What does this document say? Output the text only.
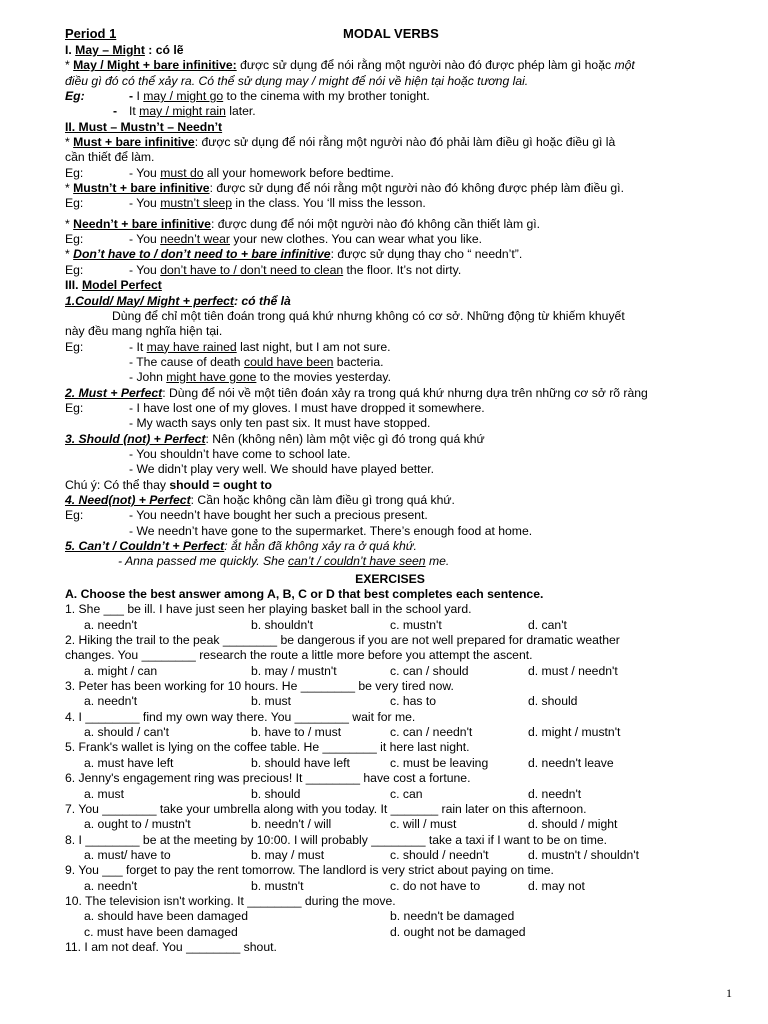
Period 1	MODAL VERBS
I. May – Might : có lẽ
* May / Might + bare infinitive: được sử dụng để nói rằng một người nào đó được phép làm gì hoặc một
điều gì đó có thể xảy ra. Có thể sử dụng may / might để nói về hiện tại hoặc tương lai.
Eg:	- I may / might go to the cinema with my brother tonight.
- It may / might rain later.
II. Must – Mustn’t – Needn’t
* Must + bare infinitive: được sử dụng để nói rằng một người nào đó phải làm điều gì hoặc điều gì là
cần thiết để làm.
Eg:	- You must do all your homework before bedtime.
* Mustn’t + bare infinitive: được sử dụng để nói rằng một người nào đó không được phép làm điều gì.
Eg:	- You mustn’t sleep in the class. You ‘ll miss the lesson.
* Needn’t + bare infinitive: được dung để nói một người nào đó không cần thiết làm gì.
Eg:	- You needn’t wear your new clothes. You can wear what you like.
* Don’t have to / don’t need to + bare infinitive: được sử dụng thay cho “ needn’t”.
Eg:	- You don’t have to / don’t need to clean the floor. It’s not dirty.
III. Model Perfect
1.Could/ May/ Might + perfect: có thể là
Dùng để chỉ một tiên đoán trong quá khứ nhưng không có cơ sở. Những động từ khiếm khuyết
này đều mang nghĩa hiện tại.
Eg:	- It may have rained last night, but I am not sure.
- The cause of death could have been bacteria.
- John might have gone to the movies yesterday.
2. Must + Perfect: Dùng để nói về một tiên đoán xảy ra trong quá khứ nhưng dựa trên những cơ sở rõ ràng
Eg:	- I have lost one of my gloves. I must have dropped it somewhere.
- My wacth says only ten past six. It must have stopped.
3. Should (not) + Perfect: Nên (không nên) làm một việc gì đó trong quá khứ
- You shouldn’t have come to school late.
- We didn’t play very well. We should have played better.
Chú ý: Có thể thay should = ought to
4. Need(not) + Perfect: Cần hoặc không cần làm điều gì trong quá khứ.
Eg:	- You needn’t have bought her such a precious present.
- We needn’t have gone to the supermarket. There’s enough food at home.
5. Can’t / Couldn’t + Perfect: ắt hẳn đã không xảy ra ở quá khứ.
- Anna passed me quickly. She can’t / couldn’t have seen me.
EXERCISES
A. Choose the best answer among A, B, C or D that best completes each sentence.
1. She ___ be ill. I have just seen her playing basket ball in the school yard.
a. needn't	b. shouldn't	c. mustn't	d. can't
2. Hiking the trail to the peak ________ be dangerous if you are not well prepared for dramatic weather
changes. You ________ research the route a little more before you attempt the ascent.
a. might / can	b. may / mustn't	c. can / should	d. must / needn't
3. Peter has been working for 10 hours. He ________ be very tired now.
a. needn't	b. must	c. has to	d. should
4. I ________ find my own way there. You ________ wait for me.
a. should / can't	b. have to / must	c. can / needn't	d. might / mustn't
5. Frank's wallet is lying on the coffee table. He ________ it here last night.
a. must have left	b. should have left	c. must be leaving	d. needn't leave
6. Jenny's engagement ring was precious! It ________ have cost a fortune.
a. must	b. should	c. can	d. needn't
7. You ________ take your umbrella along with you today. It _______ rain later on this afternoon.
a. ought to / mustn't	b. needn't / will	c. will / must	d. should / might
8. I ________ be at the meeting by 10:00. I will probably ________ take a taxi if I want to be on time.
a. must/ have to	b. may / must	c. should / needn't	d. mustn't / shouldn't
9. You ___ forget to pay the rent tomorrow. The landlord is very strict about paying on time.
a. needn't	b. mustn't	c. do not have to	d. may not
10. The television isn't working. It ________ during the move.
a. should have been damaged	b. needn't be damaged
c. must have been damaged	d. ought not be damaged
11. I am not deaf. You ________ shout.
1
